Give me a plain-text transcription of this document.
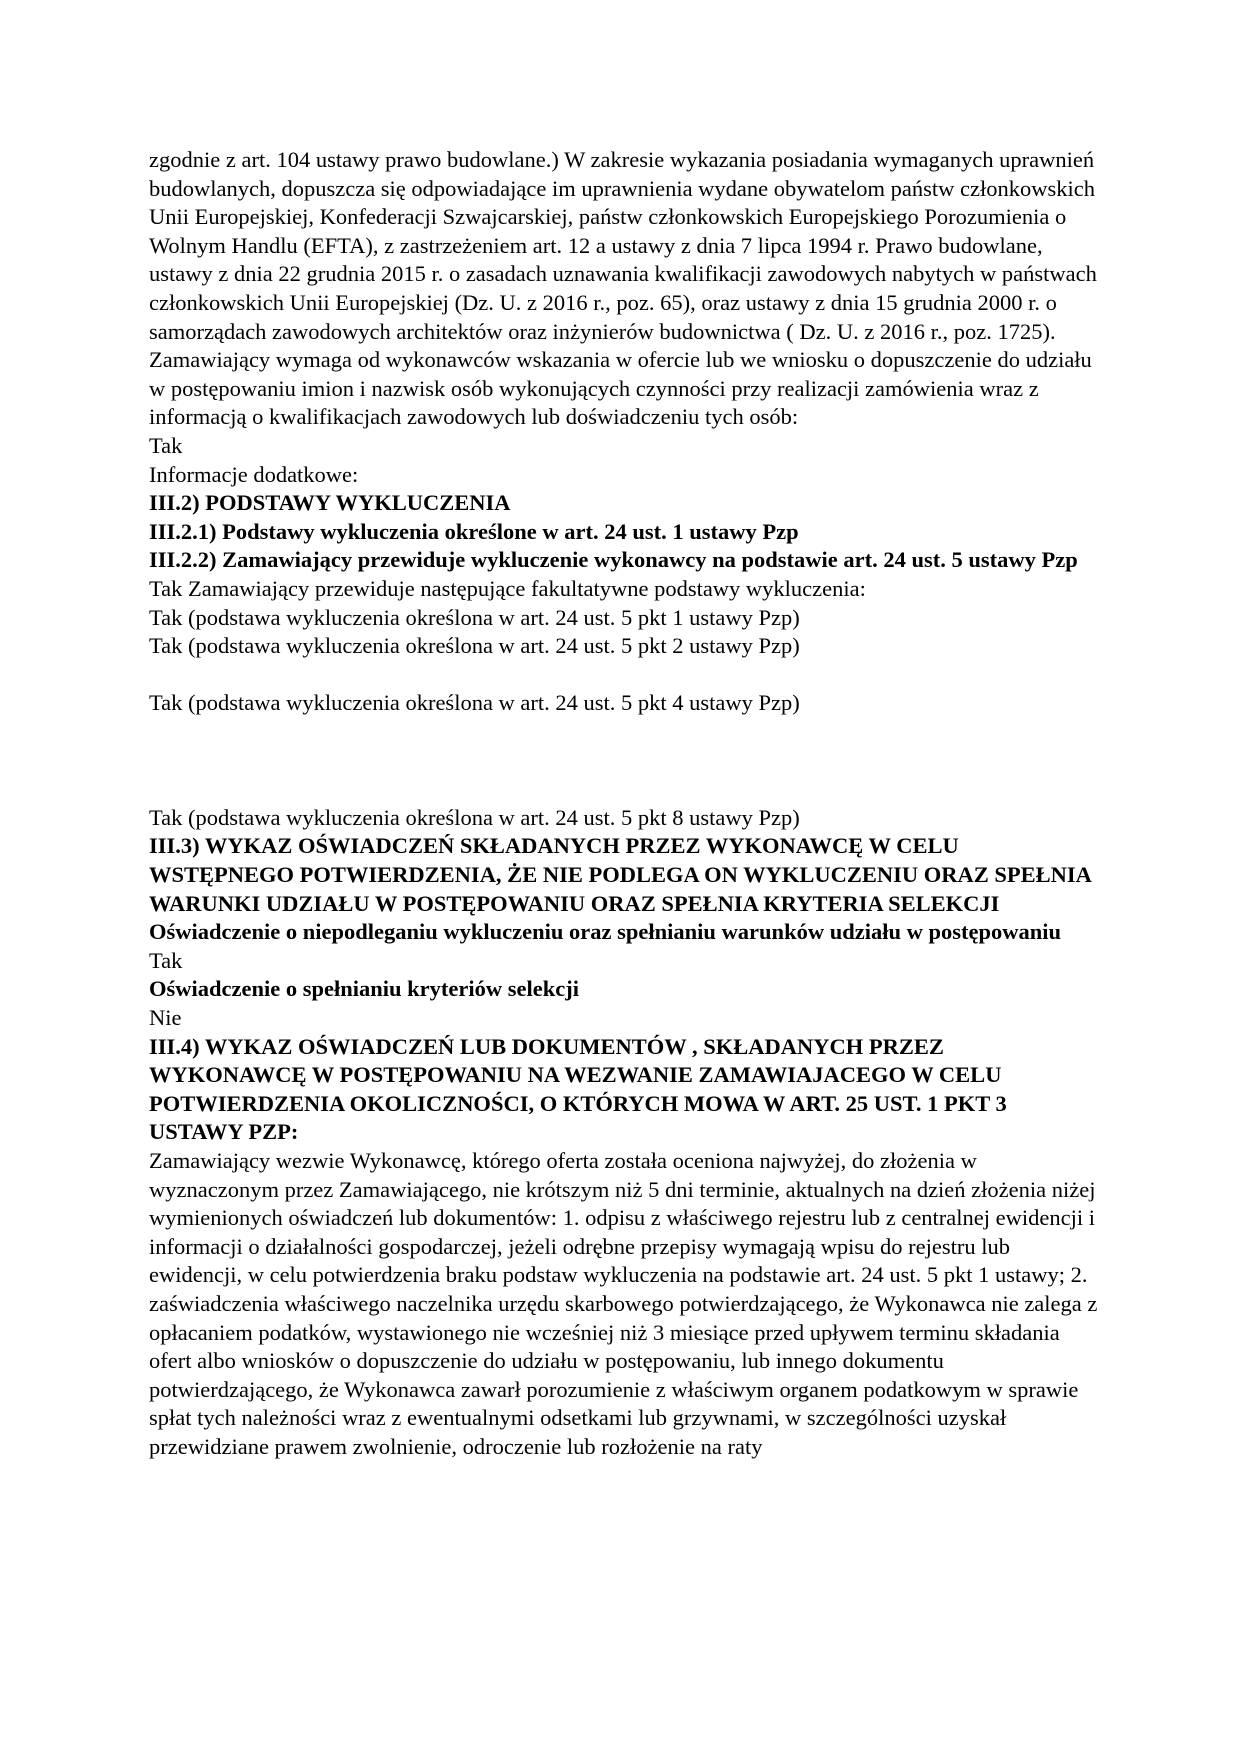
zgodnie z art. 104 ustawy prawo budowlane.) W zakresie wykazania posiadania wymaganych uprawnień budowlanych, dopuszcza się odpowiadające im uprawnienia wydane obywatelom państw członkowskich Unii Europejskiej, Konfederacji Szwajcarskiej, państw członkowskich Europejskiego Porozumienia o Wolnym Handlu (EFTA), z zastrzeżeniem art. 12 a ustawy z dnia 7 lipca 1994 r. Prawo budowlane, ustawy z dnia 22 grudnia 2015 r. o zasadach uznawania kwalifikacji zawodowych nabytych w państwach członkowskich Unii Europejskiej (Dz. U. z 2016 r., poz. 65), oraz ustawy z dnia 15 grudnia 2000 r. o samorządach zawodowych architektów oraz inżynierów budownictwa ( Dz. U. z 2016 r., poz. 1725).

Zamawiający wymaga od wykonawców wskazania w ofercie lub we wniosku o dopuszczenie do udziału w postępowaniu imion i nazwisk osób wykonujących czynności przy realizacji zamówienia wraz z informacją o kwalifikacjach zawodowych lub doświadczeniu tych osób:

Tak

Informacje dodatkowe:

III.2) PODSTAWY WYKLUCZENIA

III.2.1) Podstawy wykluczenia określone w art. 24 ust. 1 ustawy Pzp

III.2.2) Zamawiający przewiduje wykluczenie wykonawcy na podstawie art. 24 ust. 5 ustawy Pzp Tak Zamawiający przewiduje następujące fakultatywne podstawy wykluczenia:

Tak (podstawa wykluczenia określona w art. 24 ust. 5 pkt 1 ustawy Pzp)

Tak (podstawa wykluczenia określona w art. 24 ust. 5 pkt 2 ustawy Pzp)

Tak (podstawa wykluczenia określona w art. 24 ust. 5 pkt 4 ustawy Pzp)

Tak (podstawa wykluczenia określona w art. 24 ust. 5 pkt 8 ustawy Pzp)

III.3) WYKAZ OŚWIADCZEŃ SKŁADANYCH PRZEZ WYKONAWCĘ W CELU WSTĘPNEGO POTWIERDZENIA, ŻE NIE PODLEGA ON WYKLUCZENIU ORAZ SPEŁNIA WARUNKI UDZIAŁU W POSTĘPOWANIU ORAZ SPEŁNIA KRYTERIA SELEKCJI

Oświadczenie o niepodleganiu wykluczeniu oraz spełnianiu warunków udziału w postępowaniu

Tak

Oświadczenie o spełnianiu kryteriów selekcji

Nie

III.4) WYKAZ OŚWIADCZEŃ LUB DOKUMENTÓW , SKŁADANYCH PRZEZ WYKONAWCĘ W POSTĘPOWANIU NA WEZWANIE ZAMAWIAJACEGO W CELU POTWIERDZENIA OKOLICZNOŚCI, O KTÓRYCH MOWA W ART. 25 UST. 1 PKT 3 USTAWY PZP:

Zamawiający wezwie Wykonawcę, którego oferta została oceniona najwyżej, do złożenia w wyznaczonym przez Zamawiającego, nie krótszym niż 5 dni terminie, aktualnych na dzień złożenia niżej wymienionych oświadczeń lub dokumentów: 1. odpisu z właściwego rejestru lub z centralnej ewidencji i informacji o działalności gospodarczej, jeżeli odrębne przepisy wymagają wpisu do rejestru lub ewidencji, w celu potwierdzenia braku podstaw wykluczenia na podstawie art. 24 ust. 5 pkt 1 ustawy; 2. zaświadczenia właściwego naczelnika urzędu skarbowego potwierdzającego, że Wykonawca nie zalega z opłacaniem podatków, wystawionego nie wcześniej niż 3 miesiące przed upływem terminu składania ofert albo wniosków o dopuszczenie do udziału w postępowaniu, lub innego dokumentu potwierdzającego, że Wykonawca zawarł porozumienie z właściwym organem podatkowym w sprawie spłat tych należności wraz z ewentualnymi odsetkami lub grzywnami, w szczególności uzyskał przewidziane prawem zwolnienie, odroczenie lub rozłożenie na raty
